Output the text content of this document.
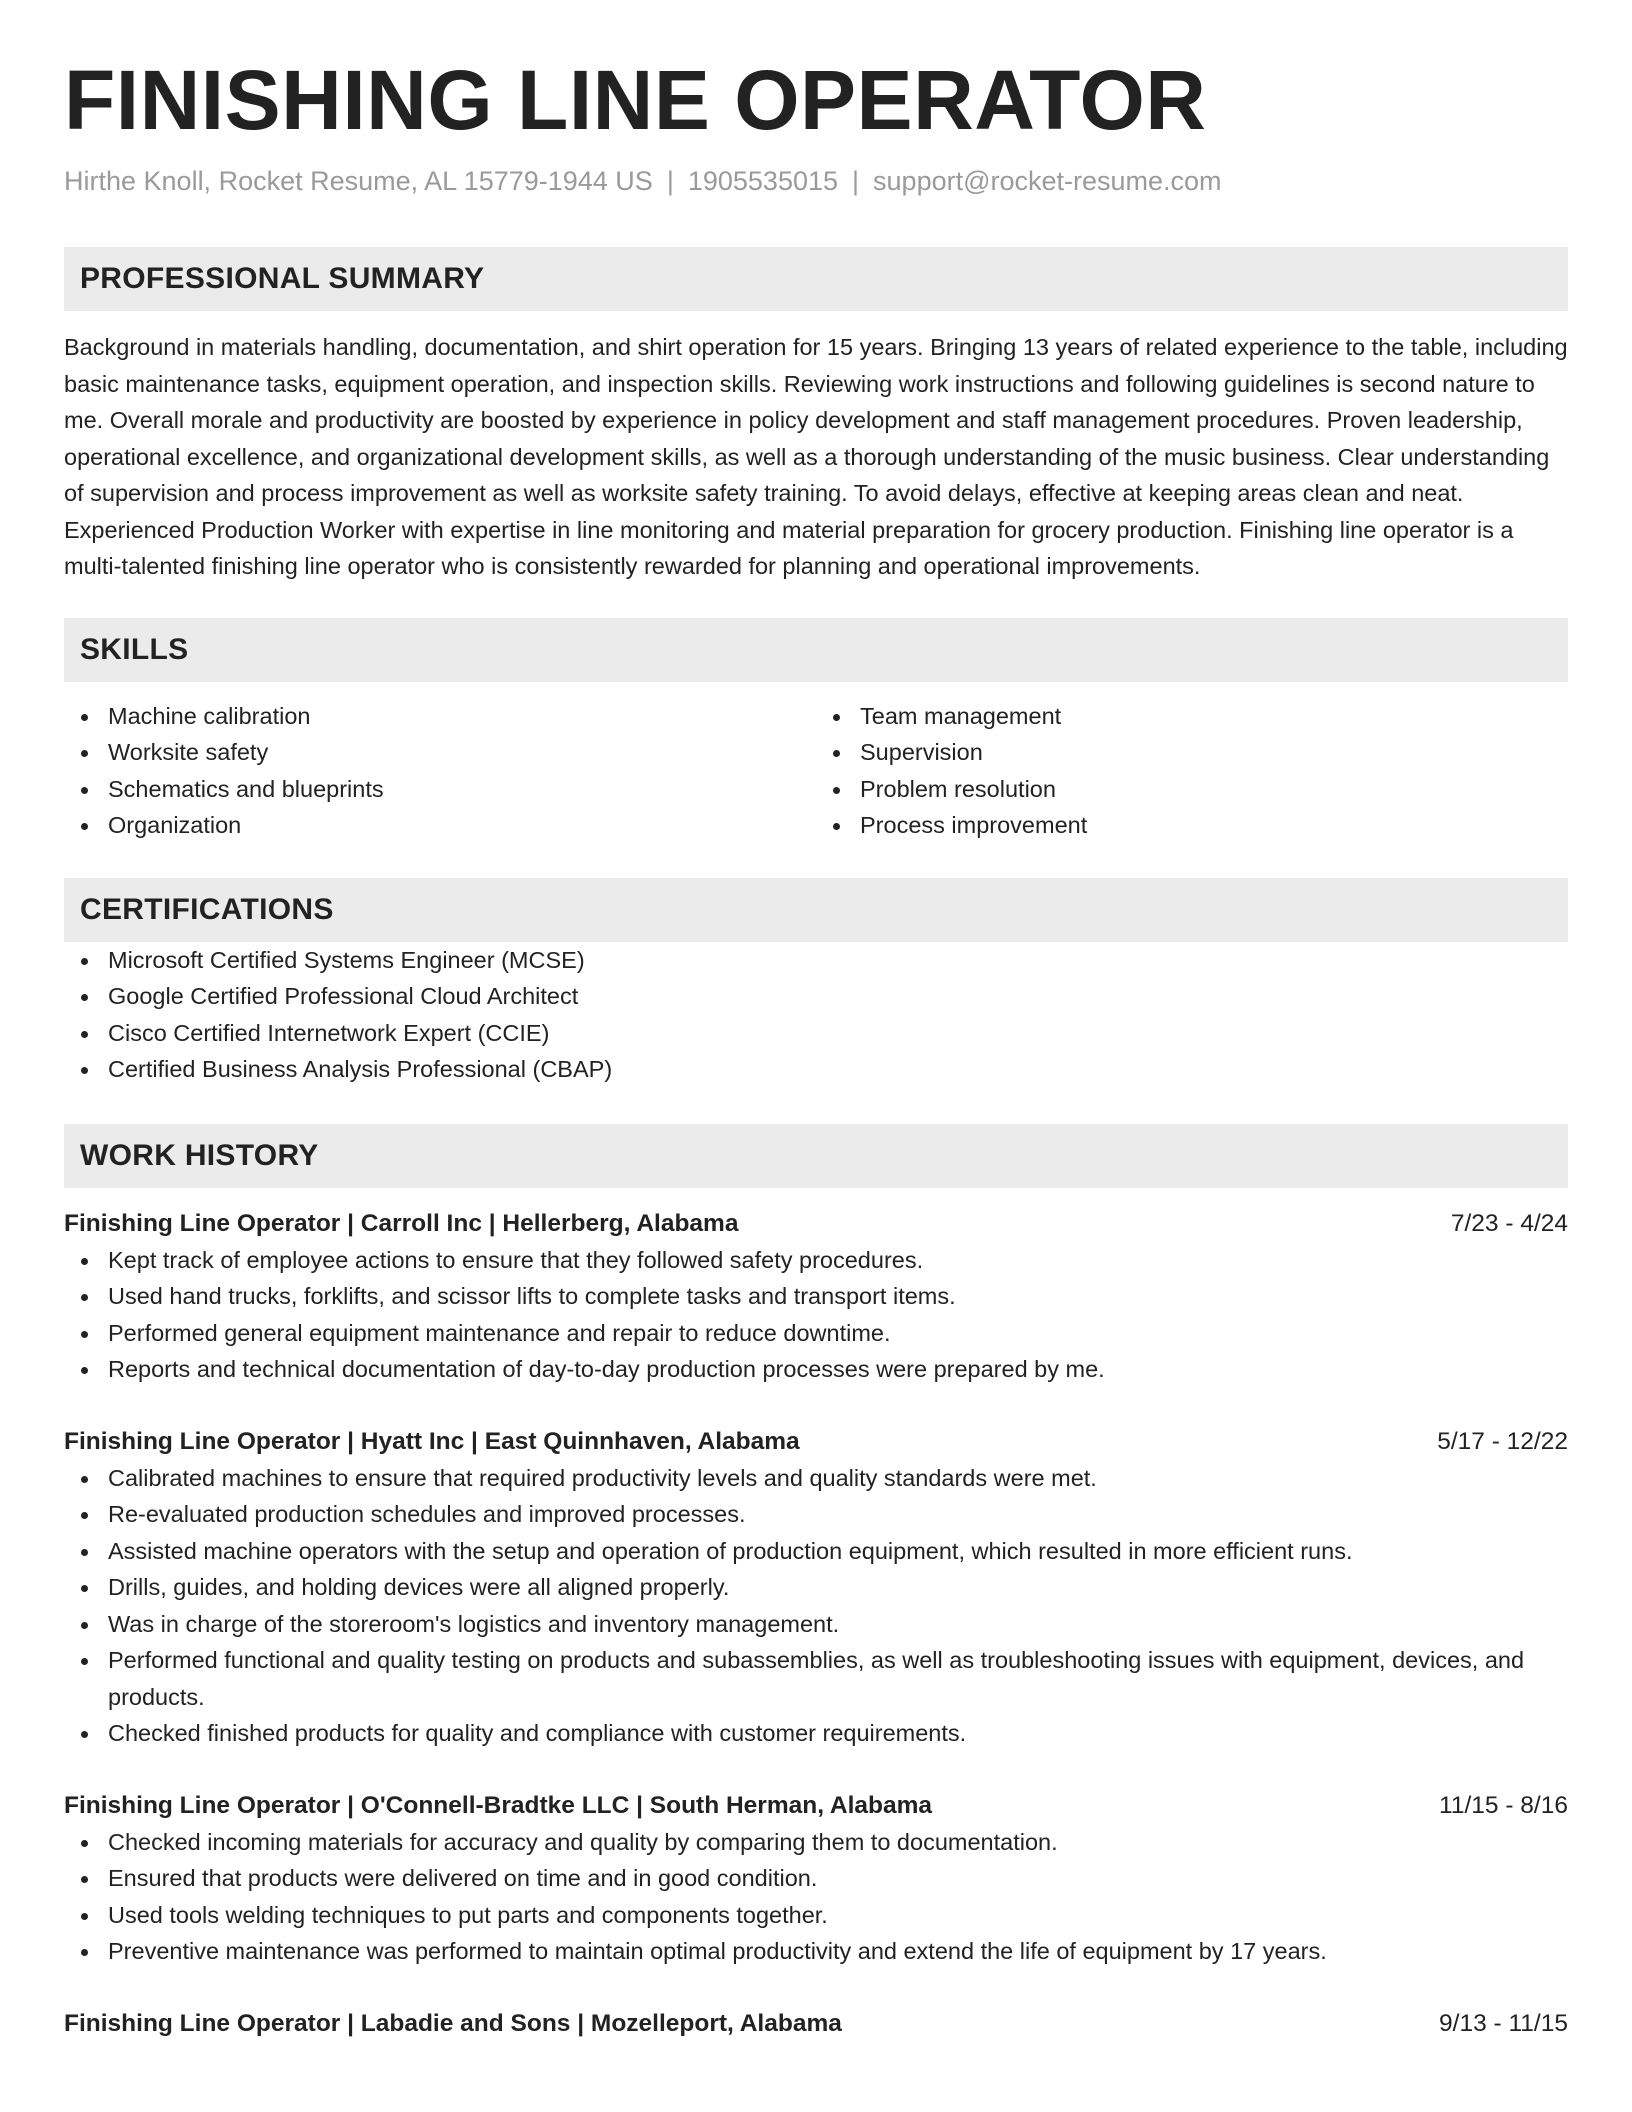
FINISHING LINE OPERATOR
Hirthe Knoll, Rocket Resume, AL 15779-1944 US | 1905535015 | support@rocket-resume.com
PROFESSIONAL SUMMARY
Background in materials handling, documentation, and shirt operation for 15 years. Bringing 13 years of related experience to the table, including basic maintenance tasks, equipment operation, and inspection skills. Reviewing work instructions and following guidelines is second nature to me. Overall morale and productivity are boosted by experience in policy development and staff management procedures. Proven leadership, operational excellence, and organizational development skills, as well as a thorough understanding of the music business. Clear understanding of supervision and process improvement as well as worksite safety training. To avoid delays, effective at keeping areas clean and neat. Experienced Production Worker with expertise in line monitoring and material preparation for grocery production. Finishing line operator is a multi-talented finishing line operator who is consistently rewarded for planning and operational improvements.
SKILLS
Machine calibration
Worksite safety
Schematics and blueprints
Organization
Team management
Supervision
Problem resolution
Process improvement
CERTIFICATIONS
Microsoft Certified Systems Engineer (MCSE)
Google Certified Professional Cloud Architect
Cisco Certified Internetwork Expert (CCIE)
Certified Business Analysis Professional (CBAP)
WORK HISTORY
Finishing Line Operator | Carroll Inc | Hellerberg, Alabama	7/23 - 4/24
Kept track of employee actions to ensure that they followed safety procedures.
Used hand trucks, forklifts, and scissor lifts to complete tasks and transport items.
Performed general equipment maintenance and repair to reduce downtime.
Reports and technical documentation of day-to-day production processes were prepared by me.
Finishing Line Operator | Hyatt Inc | East Quinnhaven, Alabama	5/17 - 12/22
Calibrated machines to ensure that required productivity levels and quality standards were met.
Re-evaluated production schedules and improved processes.
Assisted machine operators with the setup and operation of production equipment, which resulted in more efficient runs.
Drills, guides, and holding devices were all aligned properly.
Was in charge of the storeroom's logistics and inventory management.
Performed functional and quality testing on products and subassemblies, as well as troubleshooting issues with equipment, devices, and products.
Checked finished products for quality and compliance with customer requirements.
Finishing Line Operator | O'Connell-Bradtke LLC | South Herman, Alabama	11/15 - 8/16
Checked incoming materials for accuracy and quality by comparing them to documentation.
Ensured that products were delivered on time and in good condition.
Used tools welding techniques to put parts and components together.
Preventive maintenance was performed to maintain optimal productivity and extend the life of equipment by 17 years.
Finishing Line Operator | Labadie and Sons | Mozelleport, Alabama	9/13 - 11/15
